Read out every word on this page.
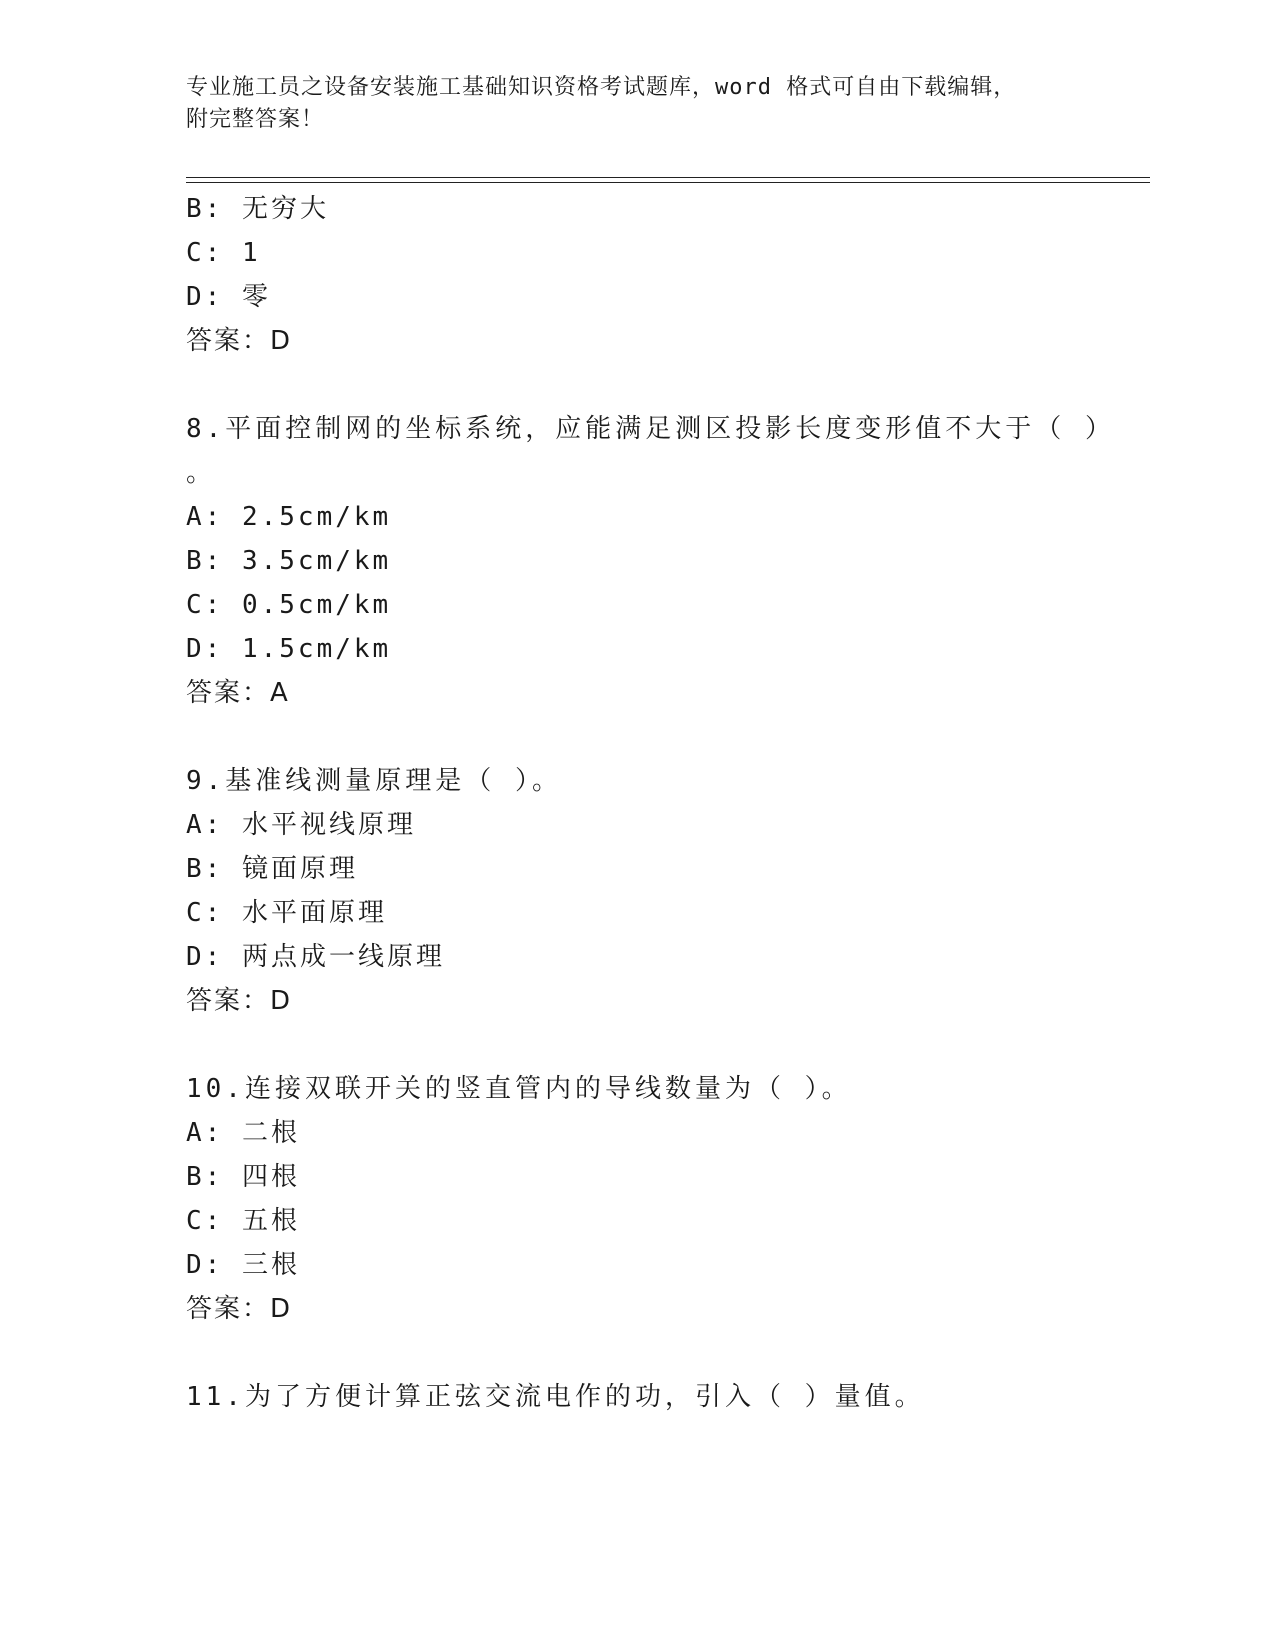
专业施工员之设备安装施工基础知识资格考试题库，word 格式可自由下载编辑，
附完整答案！
B: 无穷大
C: 1
D: 零
答案：D
8.平面控制网的坐标系统，应能满足测区投影长度变形值不大于（ ）
。
A: 2.5cm/km
B: 3.5cm/km
C: 0.5cm/km
D: 1.5cm/km
答案：A
9.基准线测量原理是（ ）。
A: 水平视线原理
B: 镜面原理
C: 水平面原理
D: 两点成一线原理
答案：D
10.连接双联开关的竖直管内的导线数量为（ ）。
A: 二根
B: 四根
C: 五根
D: 三根
答案：D
11.为了方便计算正弦交流电作的功，引入（ ）量值。
